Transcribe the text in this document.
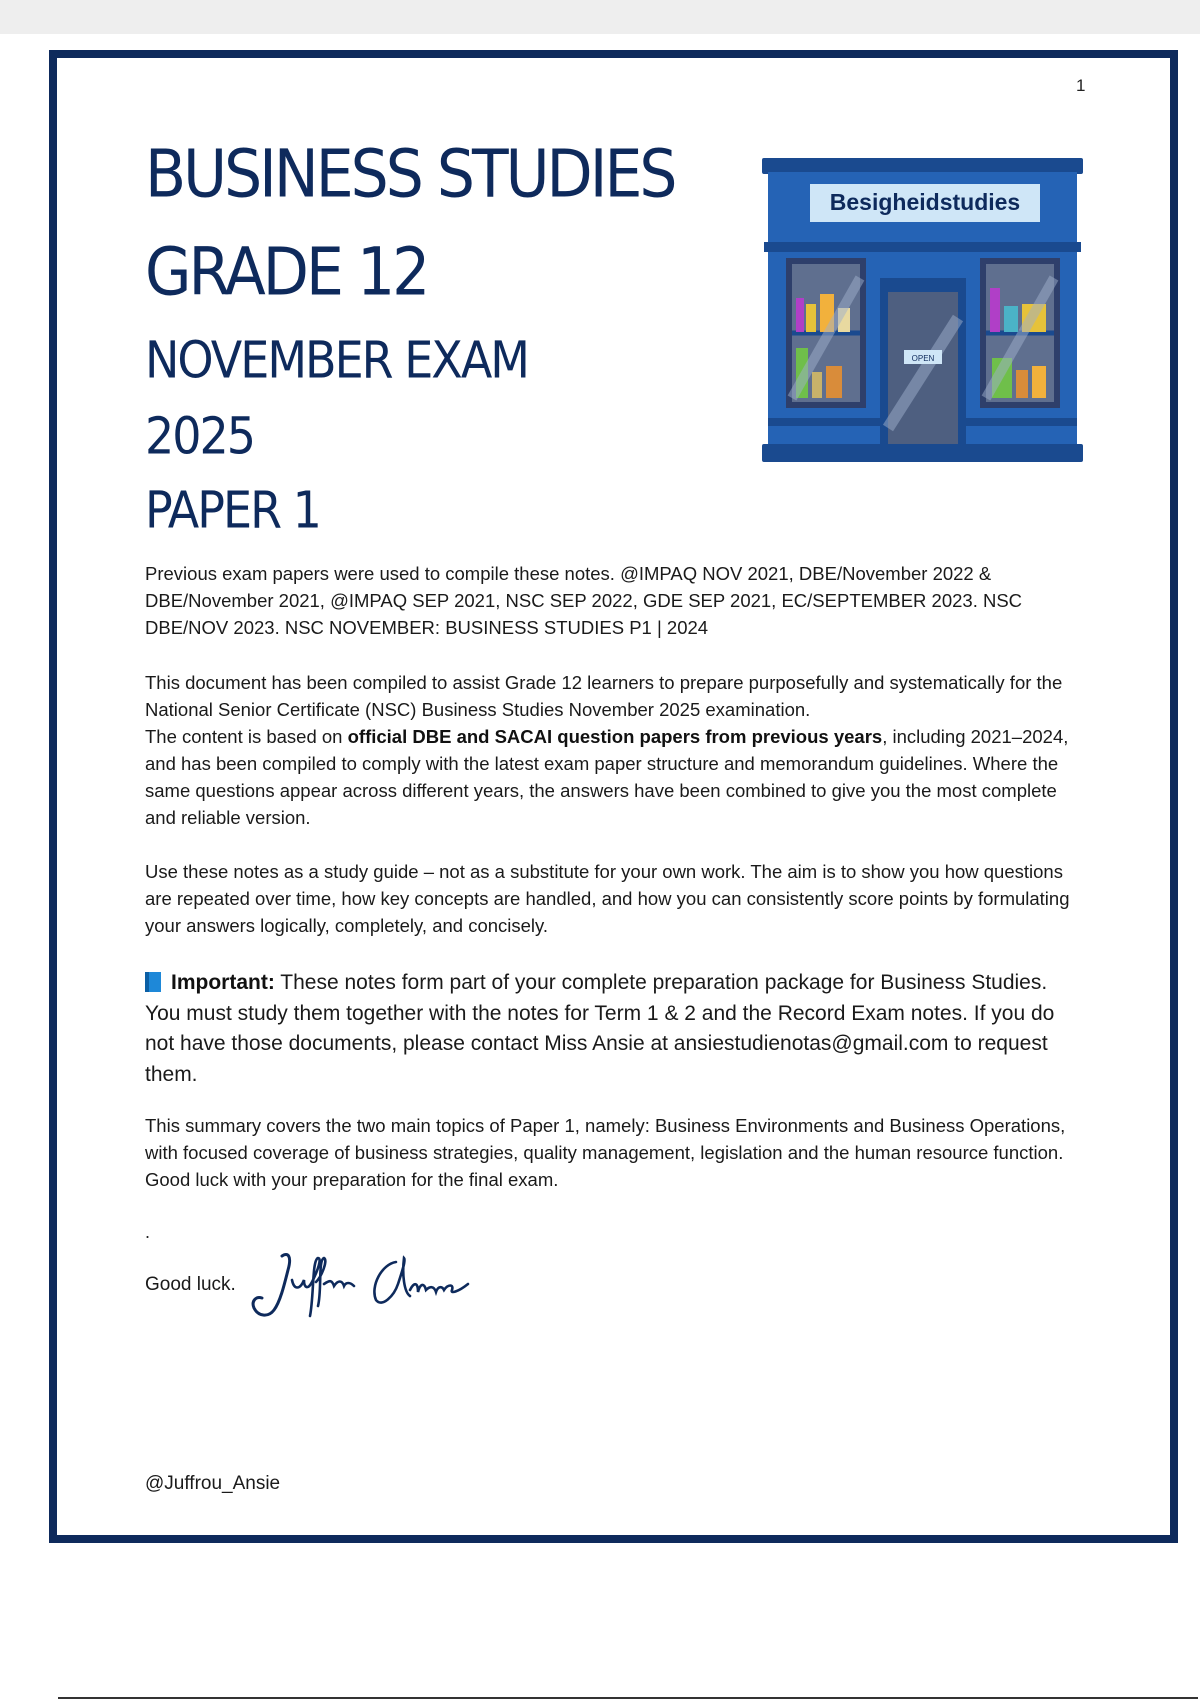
1
BUSINESS STUDIES
GRADE 12
NOVEMBER EXAM
2025
PAPER 1
Besigheidstudies
OPEN

Previous exam papers were used to compile these notes. @IMPAQ NOV 2021, DBE/November 2022 & DBE/November 2021, @IMPAQ SEP 2021, NSC SEP 2022, GDE SEP 2021, EC/SEPTEMBER 2023. NSC DBE/NOV 2023. NSC NOVEMBER: BUSINESS STUDIES P1 | 2024

This document has been compiled to assist Grade 12 learners to prepare purposefully and systematically for the National Senior Certificate (NSC) Business Studies November 2025 examination.
The content is based on official DBE and SACAI question papers from previous years, including 2021–2024, and has been compiled to comply with the latest exam paper structure and memorandum guidelines. Where the same questions appear across different years, the answers have been combined to give you the most complete and reliable version.

Use these notes as a study guide – not as a substitute for your own work. The aim is to show you how questions are repeated over time, how key concepts are handled, and how you can consistently score points by formulating your answers logically, completely, and concisely.

Important: These notes form part of your complete preparation package for Business Studies. You must study them together with the notes for Term 1 & 2 and the Record Exam notes. If you do not have those documents, please contact Miss Ansie at ansiestudienotas@gmail.com to request them.

This summary covers the two main topics of Paper 1, namely: Business Environments and Business Operations, with focused coverage of business strategies, quality management, legislation and the human resource function.
Good luck with your preparation for the final exam.

.
Good luck.
@Juffrou_Ansie
